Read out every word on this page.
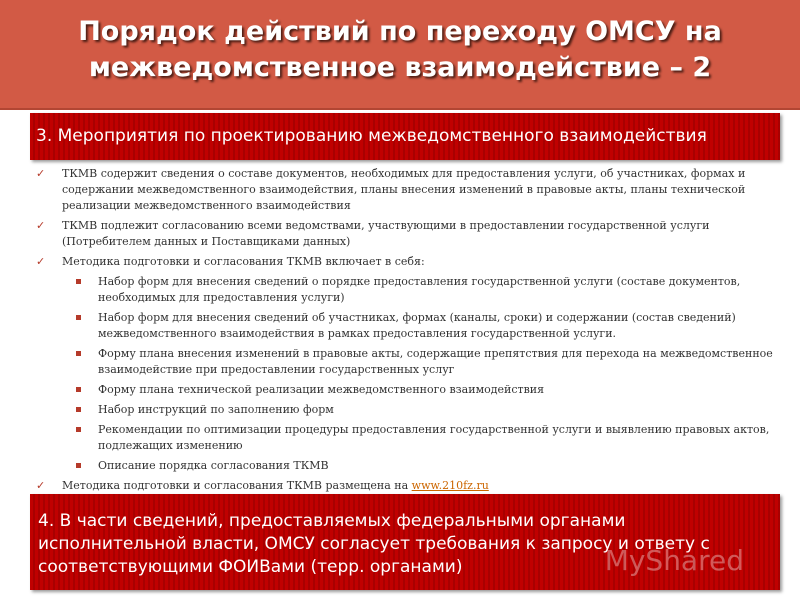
Порядок действий по переходу ОМСУ на
межведомственное взаимодействие – 2
3. Мероприятия по проектированию межведомственного взаимодействия
✓ ТКМВ содержит сведения о составе документов, необходимых для предоставления услуги, об участниках, формах и содержании межведомственного взаимодействия, планы внесения изменений в правовые акты, планы технической реализации межведомственного взаимодействия
✓ ТКМВ подлежит согласованию всеми ведомствами, участвующими в предоставлении государственной услуги (Потребителем данных и Поставщиками данных)
✓ Методика подготовки и согласования ТКМВ включает в себя:
Набор форм для внесения сведений о порядке предоставления государственной услуги (составе документов, необходимых для предоставления услуги)
Набор форм для внесения сведений об участниках, формах (каналы, сроки) и содержании (состав сведений) межведомственного взаимодействия в рамках предоставления государственной услуги.
Форму плана внесения изменений в правовые акты, содержащие препятствия для перехода на межведомственное взаимодействие при предоставлении государственных услуг
Форму плана технической реализации межведомственного взаимодействия
Набор инструкций по заполнению форм
Рекомендации по оптимизации процедуры предоставления государственной услуги и выявлению правовых актов, подлежащих изменению
Описание порядка согласования ТКМВ
✓ Методика подготовки и согласования ТКМВ размещена на www.210fz.ru
4. В части сведений, предоставляемых федеральными органами исполнительной власти, ОМСУ согласует требования к запросу и ответу с соответствующими ФОИВами (терр. органами)	MyShared
